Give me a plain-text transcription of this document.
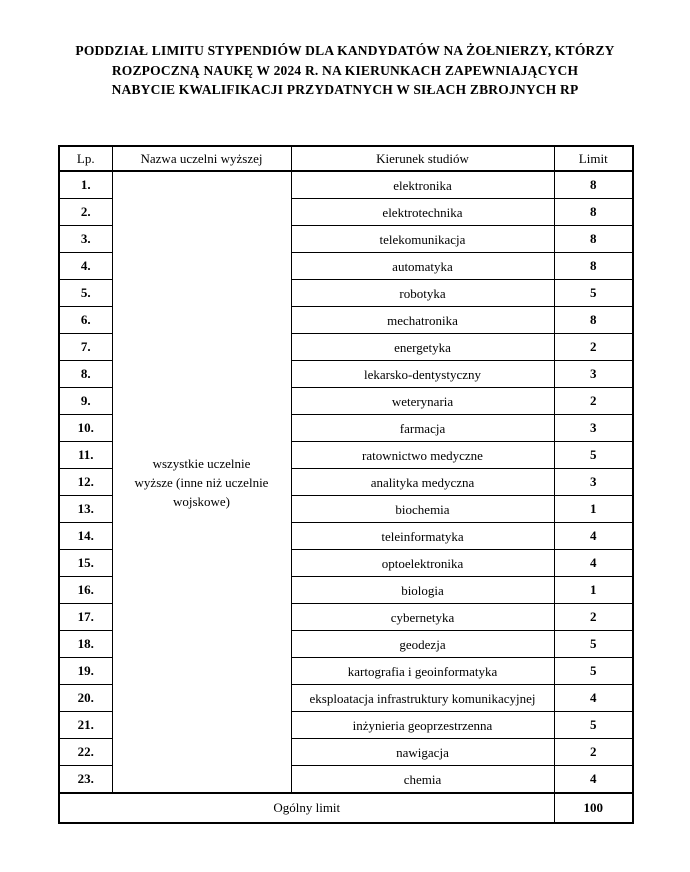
PODDZIAŁ LIMITU STYPENDIÓW DLA KANDYDATÓW NA ŻOŁNIERZY, KTÓRZY
ROZPOCZNĄ NAUKĘ W 2024 R. NA KIERUNKACH ZAPEWNIAJĄCYCH
NABYCIE KWALIFIKACJI PRZYDATNYCH W SIŁACH ZBROJNYCH RP
Lp.	Nazwa uczelni wyższej	Kierunek studiów	Limit
1.	wszystkie uczelnie
wyższe (inne niż uczelnie
wojskowe)	elektronika	8
2.		elektrotechnika	8
3.		telekomunikacja	8
4.		automatyka	8
5.		robotyka	5
6.		mechatronika	8
7.		energetyka	2
8.		lekarsko-dentystyczny	3
9.		weterynaria	2
10.		farmacja	3
11.		ratownictwo medyczne	5
12.		analityka medyczna	3
13.		biochemia	1
14.		teleinformatyka	4
15.		optoelektronika	4
16.		biologia	1
17.		cybernetyka	2
18.		geodezja	5
19.		kartografia i geoinformatyka	5
20.		eksploatacja infrastruktury komunikacyjnej	4
21.		inżynieria geoprzestrzenna	5
22.		nawigacja	2
23.		chemia	4
Ogólny limit			100
